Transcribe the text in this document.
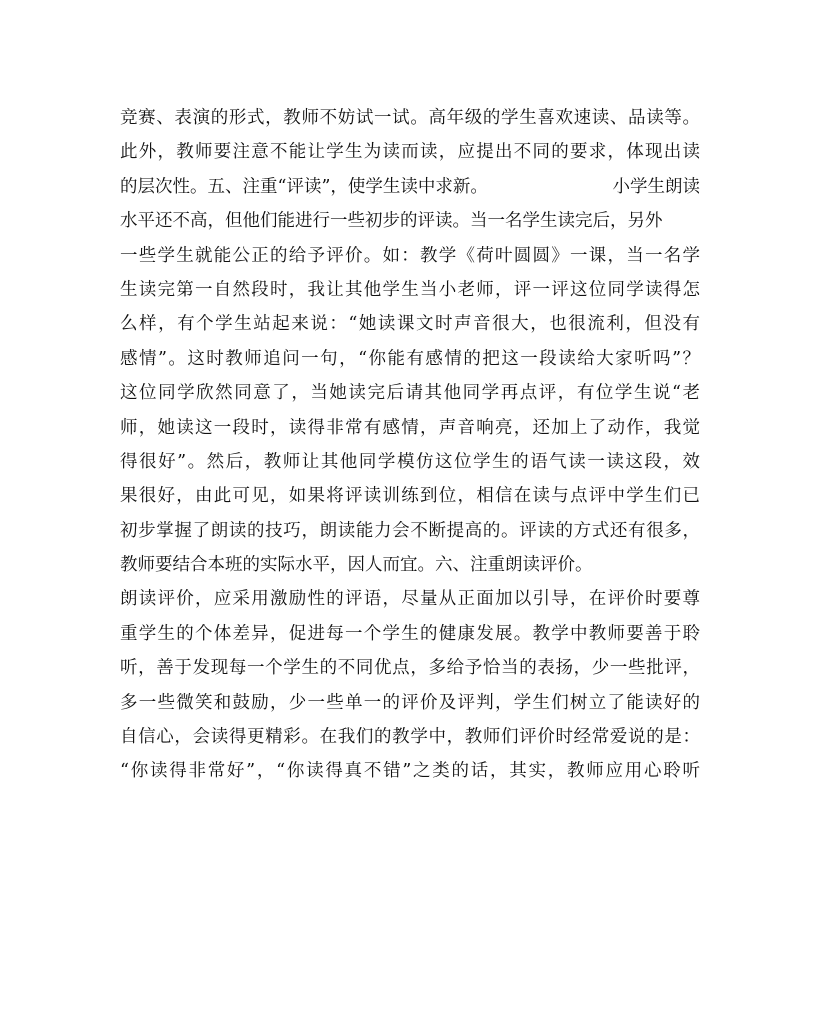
竞赛、表演的形式，教师不妨试一试。高年级的学生喜欢速读、品读等。
此外，教师要注意不能让学生为读而读，应提出不同的要求，体现出读
的层次性。五、注重“评读”，使学生读中求新。	小学生朗读
水平还不高，但他们能进行一些初步的评读。当一名学生读完后，另外
一些学生就能公正的给予评价。如：教学《荷叶圆圆》一课，当一名学
生读完第一自然段时，我让其他学生当小老师，评一评这位同学读得怎
么样，有个学生站起来说：“她读课文时声音很大，也很流利，但没有
感情”。这时教师追问一句，“你能有感情的把这一段读给大家听吗”？
这位同学欣然同意了，当她读完后请其他同学再点评，有位学生说“老
师，她读这一段时，读得非常有感情，声音响亮，还加上了动作，我觉
得很好”。然后，教师让其他同学模仿这位学生的语气读一读这段，效
果很好，由此可见，如果将评读训练到位，相信在读与点评中学生们已
初步掌握了朗读的技巧，朗读能力会不断提高的。评读的方式还有很多，
教师要结合本班的实际水平，因人而宜。六、注重朗读评价。
朗读评价，应采用激励性的评语，尽量从正面加以引导，在评价时要尊
重学生的个体差异，促进每一个学生的健康发展。教学中教师要善于聆
听，善于发现每一个学生的不同优点，多给予恰当的表扬，少一些批评，
多一些微笑和鼓励，少一些单一的评价及评判，学生们树立了能读好的
自信心，会读得更精彩。在我们的教学中，教师们评价时经常爱说的是：
“你读得非常好”，“你读得真不错”之类的话，其实，教师应用心聆听
